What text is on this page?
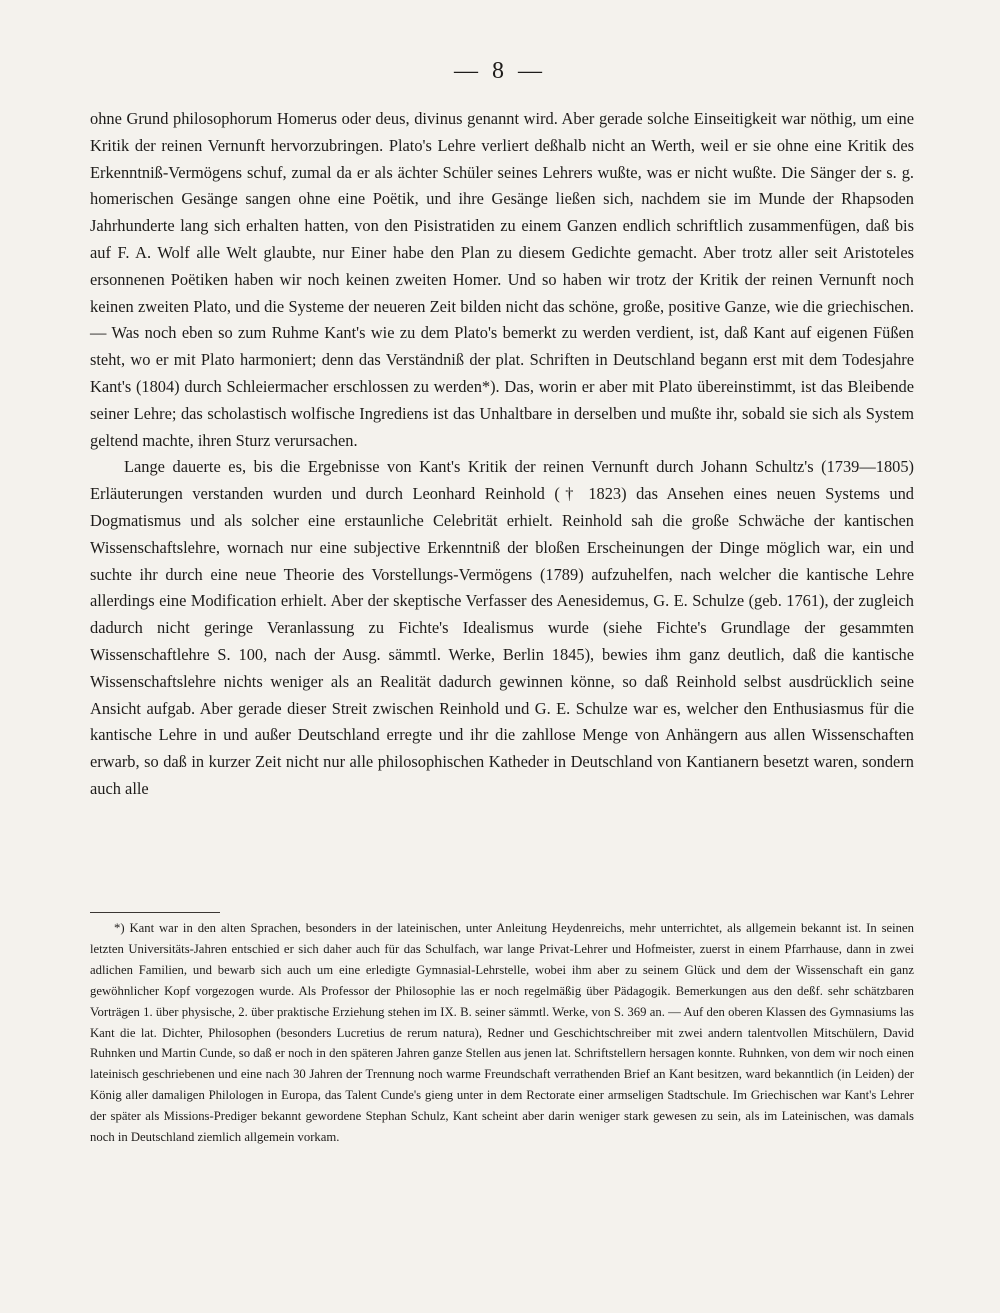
— 8 —

ohne Grund philosophorum Homerus oder deus, divinus genannt wird. Aber gerade solche Einseitigkeit war nöthig, um eine Kritik der reinen Vernunft hervorzubringen. Plato's Lehre verliert deßhalb nicht an Werth, weil er sie ohne eine Kritik des Erkenntniß-Vermögens schuf, zumal da er als ächter Schüler seines Lehrers wußte, was er nicht wußte. Die Sänger der s. g. homerischen Gesänge sangen ohne eine Poëtik, und ihre Gesänge ließen sich, nachdem sie im Munde der Rhapsoden Jahrhunderte lang sich erhalten hatten, von den Pisistratiden zu einem Ganzen endlich schriftlich zusammenfügen, daß bis auf F. A. Wolf alle Welt glaubte, nur Einer habe den Plan zu diesem Gedichte gemacht. Aber trotz aller seit Aristoteles ersonnenen Poëtiken haben wir noch keinen zweiten Homer. Und so haben wir trotz der Kritik der reinen Vernunft noch keinen zweiten Plato, und die Systeme der neueren Zeit bilden nicht das schöne, große, positive Ganze, wie die griechischen. — Was noch eben so zum Ruhme Kant's wie zu dem Plato's bemerkt zu werden verdient, ist, daß Kant auf eigenen Füßen steht, wo er mit Plato harmoniert; denn das Verständniß der plat. Schriften in Deutschland begann erst mit dem Todesjahre Kant's (1804) durch Schleiermacher erschlossen zu werden*). Das, worin er aber mit Plato übereinstimmt, ist das Bleibende seiner Lehre; das scholastisch wolfische Ingrediens ist das Unhaltbare in derselben und mußte ihr, sobald sie sich als System geltend machte, ihren Sturz verursachen.

Lange dauerte es, bis die Ergebnisse von Kant's Kritik der reinen Vernunft durch Johann Schultz's (1739—1805) Erläuterungen verstanden wurden und durch Leonhard Reinhold († 1823) das Ansehen eines neuen Systems und Dogmatismus und als solcher eine erstaunliche Celebrität erhielt. Reinhold sah die große Schwäche der kantischen Wissenschaftslehre, wornach nur eine subjective Erkenntniß der bloßen Erscheinungen der Dinge möglich war, ein und suchte ihr durch eine neue Theorie des Vorstellungs-Vermögens (1789) aufzuhelfen, nach welcher die kantische Lehre allerdings eine Modification erhielt. Aber der skeptische Verfasser des Aenesidemus, G. E. Schulze (geb. 1761), der zugleich dadurch nicht geringe Veranlassung zu Fichte's Idealismus wurde (siehe Fichte's Grundlage der gesammten Wissenschaftlehre S. 100, nach der Ausg. sämmtl. Werke, Berlin 1845), bewies ihm ganz deutlich, daß die kantische Wissenschaftslehre nichts weniger als an Realität dadurch gewinnen könne, so daß Reinhold selbst ausdrücklich seine Ansicht aufgab. Aber gerade dieser Streit zwischen Reinhold und G. E. Schulze war es, welcher den Enthusiasmus für die kantische Lehre in und außer Deutschland erregte und ihr die zahllose Menge von Anhängern aus allen Wissenschaften erwarb, so daß in kurzer Zeit nicht nur alle philosophischen Katheder in Deutschland von Kantianern besetzt waren, sondern auch alle

*) Kant war in den alten Sprachen, besonders in der lateinischen, unter Anleitung Heydenreichs, mehr unterrichtet, als allgemein bekannt ist. In seinen letzten Universitäts-Jahren entschied er sich daher auch für das Schulfach, war lange Privat-Lehrer und Hofmeister, zuerst in einem Pfarrhause, dann in zwei adlichen Familien, und bewarb sich auch um eine erledigte Gymnasial-Lehrstelle, wobei ihm aber zu seinem Glück und dem der Wissenschaft ein ganz gewöhnlicher Kopf vorgezogen wurde. Als Professor der Philosophie las er noch regelmäßig über Pädagogik. Bemerkungen aus den deßf. sehr schätzbaren Vorträgen 1. über physische, 2. über praktische Erziehung stehen im IX. B. seiner sämmtl. Werke, von S. 369 an. — Auf den oberen Klassen des Gymnasiums las Kant die lat. Dichter, Philosophen (besonders Lucretius de rerum natura), Redner und Geschichtschreiber mit zwei andern talentvollen Mitschülern, David Ruhnken und Martin Cunde, so daß er noch in den späteren Jahren ganze Stellen aus jenen lat. Schriftstellern hersagen konnte. Ruhnken, von dem wir noch einen lateinisch geschriebenen und eine nach 30 Jahren der Trennung noch warme Freundschaft verrathenden Brief an Kant besitzen, ward bekanntlich (in Leiden) der König aller damaligen Philologen in Europa, das Talent Cunde's gieng unter in dem Rectorate einer armseligen Stadtschule. Im Griechischen war Kant's Lehrer der später als Missions-Prediger bekannt gewordene Stephan Schulz, Kant scheint aber darin weniger stark gewesen zu sein, als im Lateinischen, was damals noch in Deutschland ziemlich allgemein vorkam.
